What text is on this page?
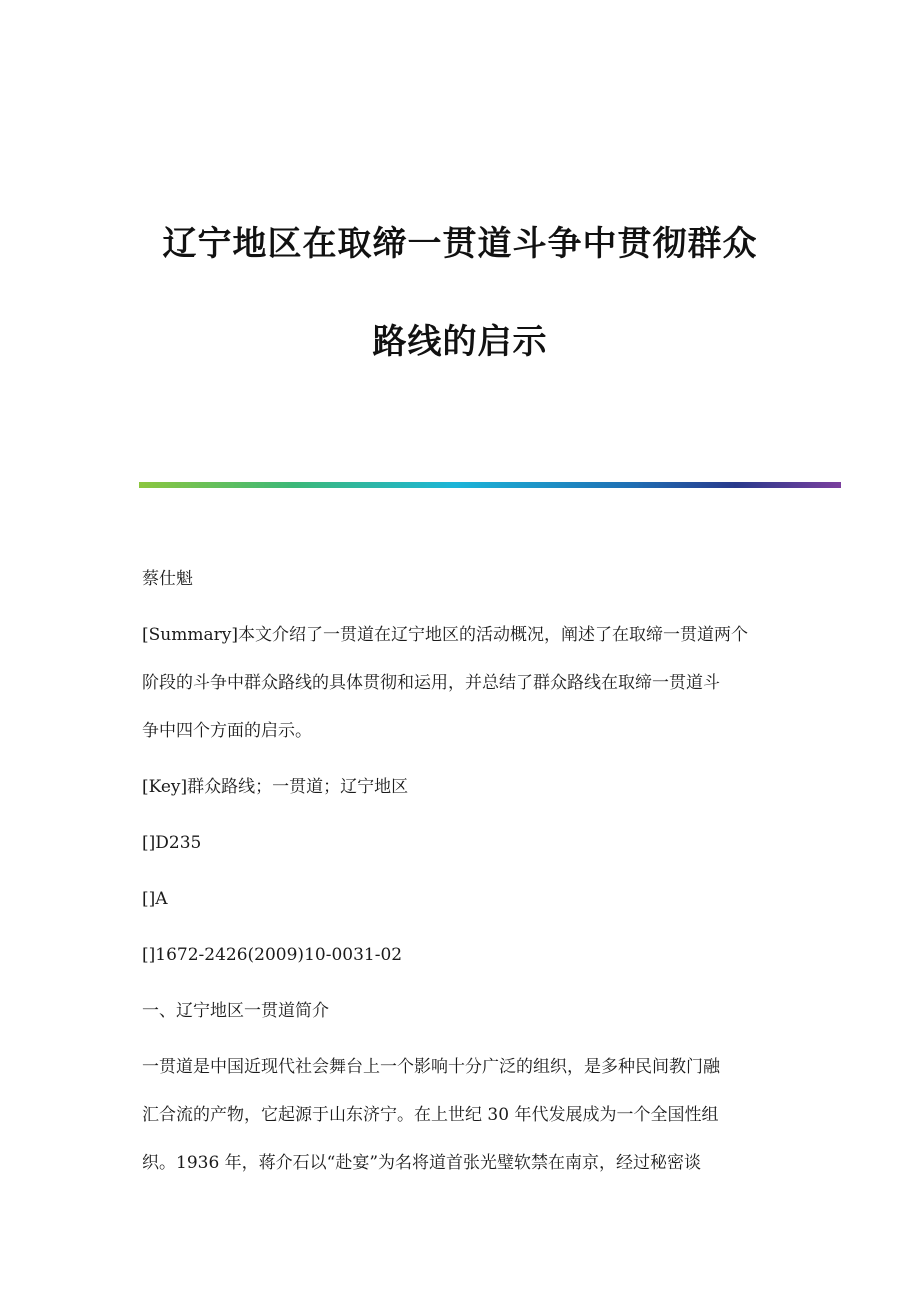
辽宁地区在取缔一贯道斗争中贯彻群众
路线的启示
蔡仕魁
[Summary]本文介绍了一贯道在辽宁地区的活动概况，阐述了在取缔一贯道两个
阶段的斗争中群众路线的具体贯彻和运用，并总结了群众路线在取缔一贯道斗
争中四个方面的启示。
[Key]群众路线；一贯道；辽宁地区
[]D235
[]A
[]1672-2426(2009)10-0031-02
一、辽宁地区一贯道简介
一贯道是中国近现代社会舞台上一个影响十分广泛的组织，是多种民间教门融
汇合流的产物，它起源于山东济宁。在上世纪 30 年代发展成为一个全国性组
织。1936 年，蒋介石以“赴宴”为名将道首张光璧软禁在南京，经过秘密谈
